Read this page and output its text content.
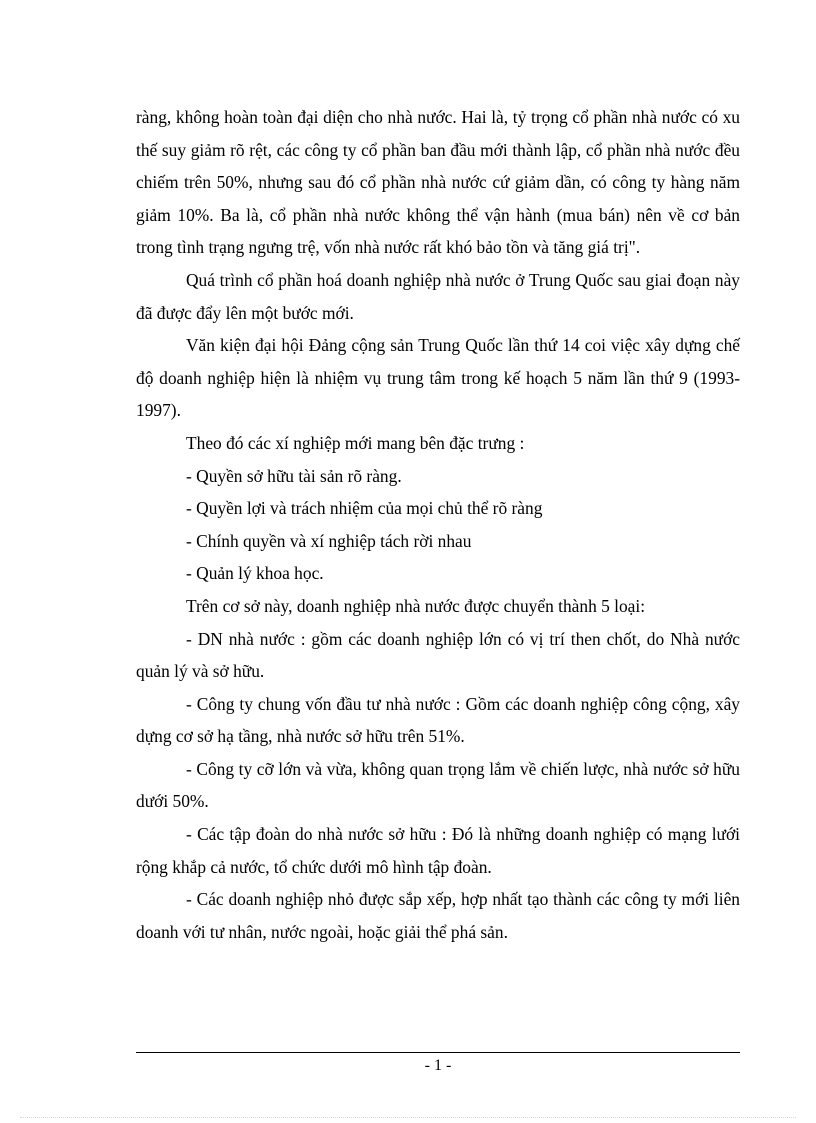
ràng, không hoàn toàn đại diện cho nhà nước. Hai là, tỷ trọng cổ phần nhà nước có xu thế suy giảm rõ rệt, các công ty cổ phần ban đầu mới thành lập, cổ phần nhà nước đều chiếm trên 50%, nhưng sau đó cổ phần nhà nước cứ giảm dần, có công ty hàng năm giảm 10%. Ba là, cổ phần nhà nước không thể vận hành (mua bán) nên về cơ bản trong tình trạng ngưng trệ, vốn nhà nước rất khó bảo tồn và tăng giá trị".

Quá trình cổ phần hoá doanh nghiệp nhà nước ở Trung Quốc sau giai đoạn này đã được đẩy lên một bước mới.

Văn kiện đại hội Đảng cộng sản Trung Quốc lần thứ 14 coi việc xây dựng chế độ doanh nghiệp hiện là nhiệm vụ trung tâm trong kế hoạch 5 năm lần thứ 9 (1993-1997).

Theo đó các xí nghiệp mới mang bên đặc trưng :

- Quyền sở hữu tài sản rõ ràng.

- Quyền lợi và trách nhiệm của mọi chủ thể rõ ràng

- Chính quyền và xí nghiệp tách rời nhau

- Quản lý khoa học.

Trên cơ sở này, doanh nghiệp nhà nước được chuyển thành 5 loại:

- DN nhà nước : gồm các doanh nghiệp lớn có vị trí then chốt, do Nhà nước quản lý và sở hữu.

- Công ty chung vốn đầu tư nhà nước : Gồm các doanh nghiệp công cộng, xây dựng cơ sở hạ tầng, nhà nước sở hữu trên 51%.

- Công ty cỡ lớn và vừa, không quan trọng lắm về chiến lược, nhà nước sở hữu dưới 50%.

- Các tập đoàn do nhà nước sở hữu : Đó là những doanh nghiệp có mạng lưới rộng khắp cả nước, tổ chức dưới mô hình tập đoàn.

- Các doanh nghiệp nhỏ được sắp xếp, hợp nhất tạo thành các công ty mới liên doanh với tư nhân, nước ngoài, hoặc giải thể phá sản.

- 1 -
